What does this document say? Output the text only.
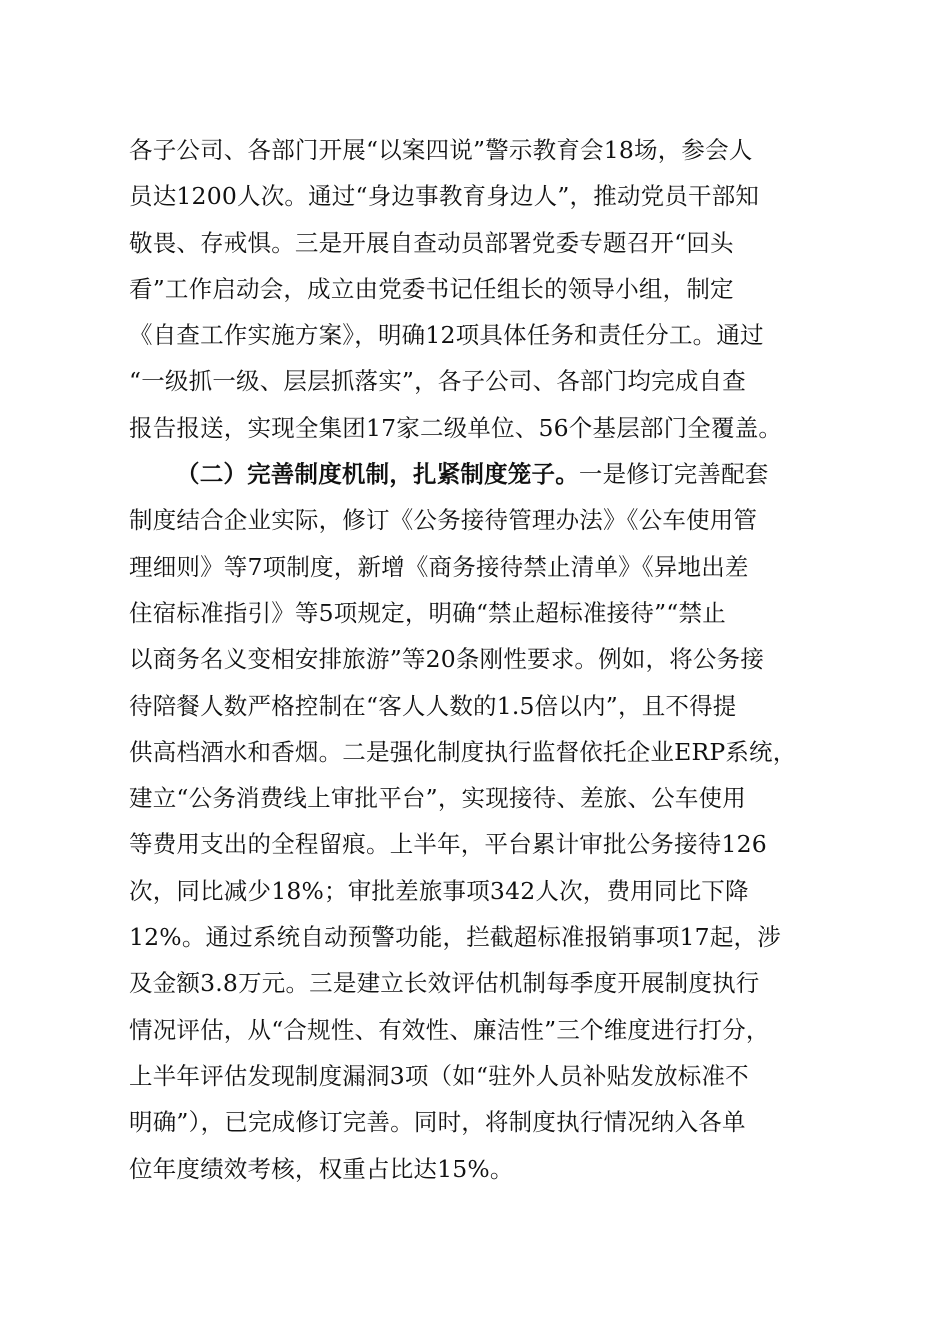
各子公司、各部门开展“以案四说”警示教育会18场，参会人
员达1200人次。通过“身边事教育身边人”，推动党员干部知
敬畏、存戒惧。三是开展自查动员部署党委专题召开“回头
看”工作启动会，成立由党委书记任组长的领导小组，制定
《自查工作实施方案》，明确12项具体任务和责任分工。通过
“一级抓一级、层层抓落实”，各子公司、各部门均完成自查
报告报送，实现全集团17家二级单位、56个基层部门全覆盖。
（二）完善制度机制，扎紧制度笼子。一是修订完善配套
制度结合企业实际，修订《公务接待管理办法》《公车使用管
理细则》等7项制度，新增《商务接待禁止清单》《异地出差
住宿标准指引》等5项规定，明确“禁止超标准接待”“禁止
以商务名义变相安排旅游”等20条刚性要求。例如，将公务接
待陪餐人数严格控制在“客人人数的1.5倍以内”，且不得提
供高档酒水和香烟。二是强化制度执行监督依托企业ERP系统，
建立“公务消费线上审批平台”，实现接待、差旅、公车使用
等费用支出的全程留痕。上半年，平台累计审批公务接待126
次，同比减少18%；审批差旅事项342人次，费用同比下降
12%。通过系统自动预警功能，拦截超标准报销事项17起，涉
及金额3.8万元。三是建立长效评估机制每季度开展制度执行
情况评估，从“合规性、有效性、廉洁性”三个维度进行打分，
上半年评估发现制度漏洞3项（如“驻外人员补贴发放标准不
明确”），已完成修订完善。同时，将制度执行情况纳入各单
位年度绩效考核，权重占比达15%。
